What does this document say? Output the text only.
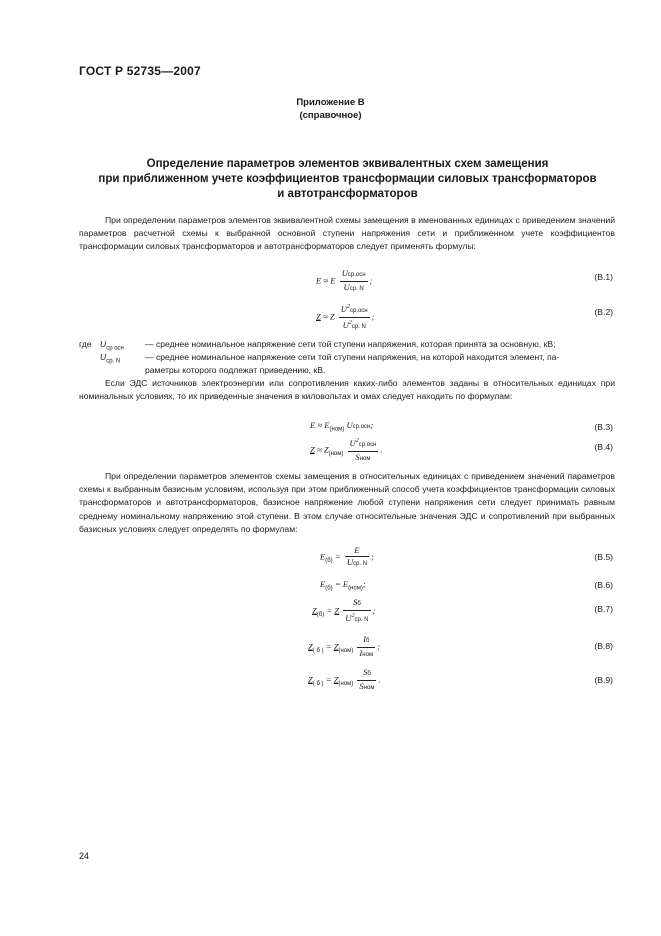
ГОСТ Р 52735—2007
Приложение В
(справочное)
Определение параметров элементов эквивалентных схем замещения
при приближенном учете коэффициентов трансформации силовых трансформаторов
и автотрансформаторов

При определении параметров элементов эквивалентной схемы замещения в именованных единицах с приведением значений параметров расчетной схемы к выбранной основной ступени напряжения сети и приближенном учете коэффициентов трансформации силовых трансформаторов и автотрансформаторов следует применять формулы:

E ≈ E $\frac{\text{Uср.осн}}{\text{Uср. N}}$ ;	(В.1)
Z ≈ Z $\frac{U^2ср.осн}{U^2ср. N}$ ;	(В.2)
где $U_{ср.осн}$ — среднее номинальное напряжение сети той ступени напряжения, которая принята за основную, кВ;
$U_{ср. N}$	— среднее номинальное напряжение сети той ступени напряжения, на которой находится элемент, па-
раметры которого подлежат приведению, кВ.

Если ЭДС источников электроэнергии или сопротивления каких-либо элементов заданы в относительных единицах при номинальных условиях, то их приведенные значения в киловольтах и омах следует находить по формулам:

$E \approx E_{(ном)}$ Uср.осн;	(В.3)
$Z \approx Z_{(ном)} \frac{U^2ср.осн}{\text{Sном}}$ .	(В.4)

При определении параметров элементов схемы замещения в относительных единицах с приведением значений параметров схемы к выбранным базисным условиям, используя при этом приближенный способ учета коэффициентов трансформации силовых трансформаторов и автотрансформаторов, базисное напряжение любой ступени напряжения сети следует принимать равным среднему номинальному напряжению этой ступени. В этом случае относительные значения ЭДС и сопротивлений при выбранных базисных условиях следует определять по формулам:

$E_{(б)} = \frac{E}{\text{Uср. N}}$ ;	(В.5)
$E_{(б)} = E_{(ном)}$;	(В.6)
$Z_{(б)} = Z \frac{Sб}{U^2ср. N}$ ;	(В.7)
$Z_{( б )} = Z_{(ном)} \frac{Iб}{\text{Iном}}$ ;	(В.8)
$Z_{( б )} = Z_{(ном)} \frac{Sб}{\text{Sном}}$ .	(В.9)
24
